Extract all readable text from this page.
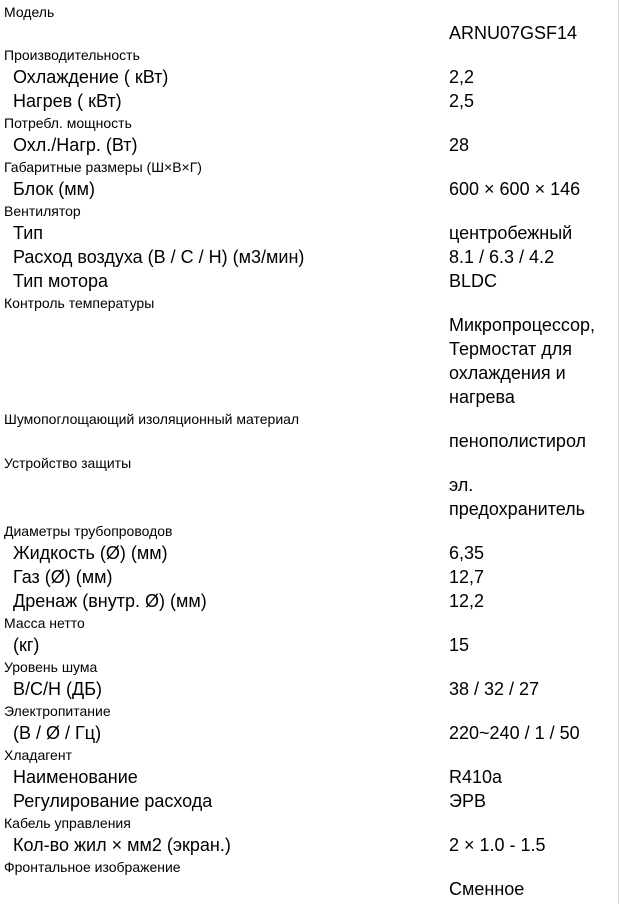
Модель
ARNU07GSF14
Производительность
Охлаждение ( кВт)	2,2
Нагрев ( кВт)	2,5
Потребл. мощность
Охл./Нагр. (Вт)	28
Габаритные размеры (Ш×В×Г)
Блок (мм)	600 × 600 × 146
Вентилятор
Тип	центробежный
Расход воздуха (В / С / Н) (м3/мин)	8.1 / 6.3 / 4.2
Тип мотора	BLDC
Контроль температуры
Микропроцессор,
Термостат для
охлаждения и
нагрева
Шумопоглощающий изоляционный материал
пенополистирол
Устройство защиты
эл.
предохранитель
Диаметры трубопроводов
Жидкость (Ø) (мм)	6,35
Газ (Ø) (мм)	12,7
Дренаж (внутр. Ø) (мм)	12,2
Масса нетто
(кг)	15
Уровень шума
В/С/Н (ДБ)	38 / 32 / 27
Электропитание
(В / Ø / Гц)	220~240 / 1 / 50
Хладагент
Наименование	R410a
Регулирование расхода	ЭРВ
Кабель управления
Кол-во жил × мм2 (экран.)	2 × 1.0 - 1.5
Фронтальное изображение
Сменное
